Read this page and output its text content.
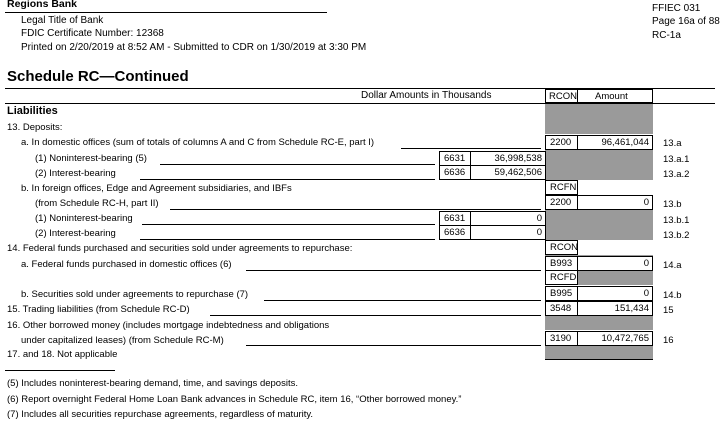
Regions Bank
Legal Title of Bank
FDIC Certificate Number: 12368
Printed on 2/20/2019 at 8:52 AM - Submitted to CDR on 1/30/2019 at 3:30 PM
FFIEC 031
Page 16a of 88
RC-1a
Schedule RC—Continued
Dollar Amounts in Thousands	RCON	Amount
Liabilities
13. Deposits:
a. In domestic offices (sum of totals of columns A and C from Schedule RC-E, part I)	2200	96,461,044	13.a
(1) Noninterest-bearing (5)	6631	36,998,538	13.a.1
(2) Interest-bearing	6636	59,462,506	13.a.2
b. In foreign offices, Edge and Agreement subsidiaries, and IBFs	RCFN
(from Schedule RC-H, part II)	2200	0	13.b
(1) Noninterest-bearing	6631	0	13.b.1
(2) Interest-bearing	6636	0	13.b.2
14. Federal funds purchased and securities sold under agreements to repurchase:	RCON
a. Federal funds purchased in domestic offices (6)	B993	0	14.a
RCFD
b. Securities sold under agreements to repurchase (7)	B995	0	14.b
15. Trading liabilities (from Schedule RC-D)	3548	151,434	15
16. Other borrowed money (includes mortgage indebtedness and obligations
under capitalized leases) (from Schedule RC-M)	3190	10,472,765	16
17. and 18. Not applicable
(5) Includes noninterest-bearing demand, time, and savings deposits.
(6) Report overnight Federal Home Loan Bank advances in Schedule RC, item 16, “Other borrowed money.”
(7) Includes all securities repurchase agreements, regardless of maturity.
